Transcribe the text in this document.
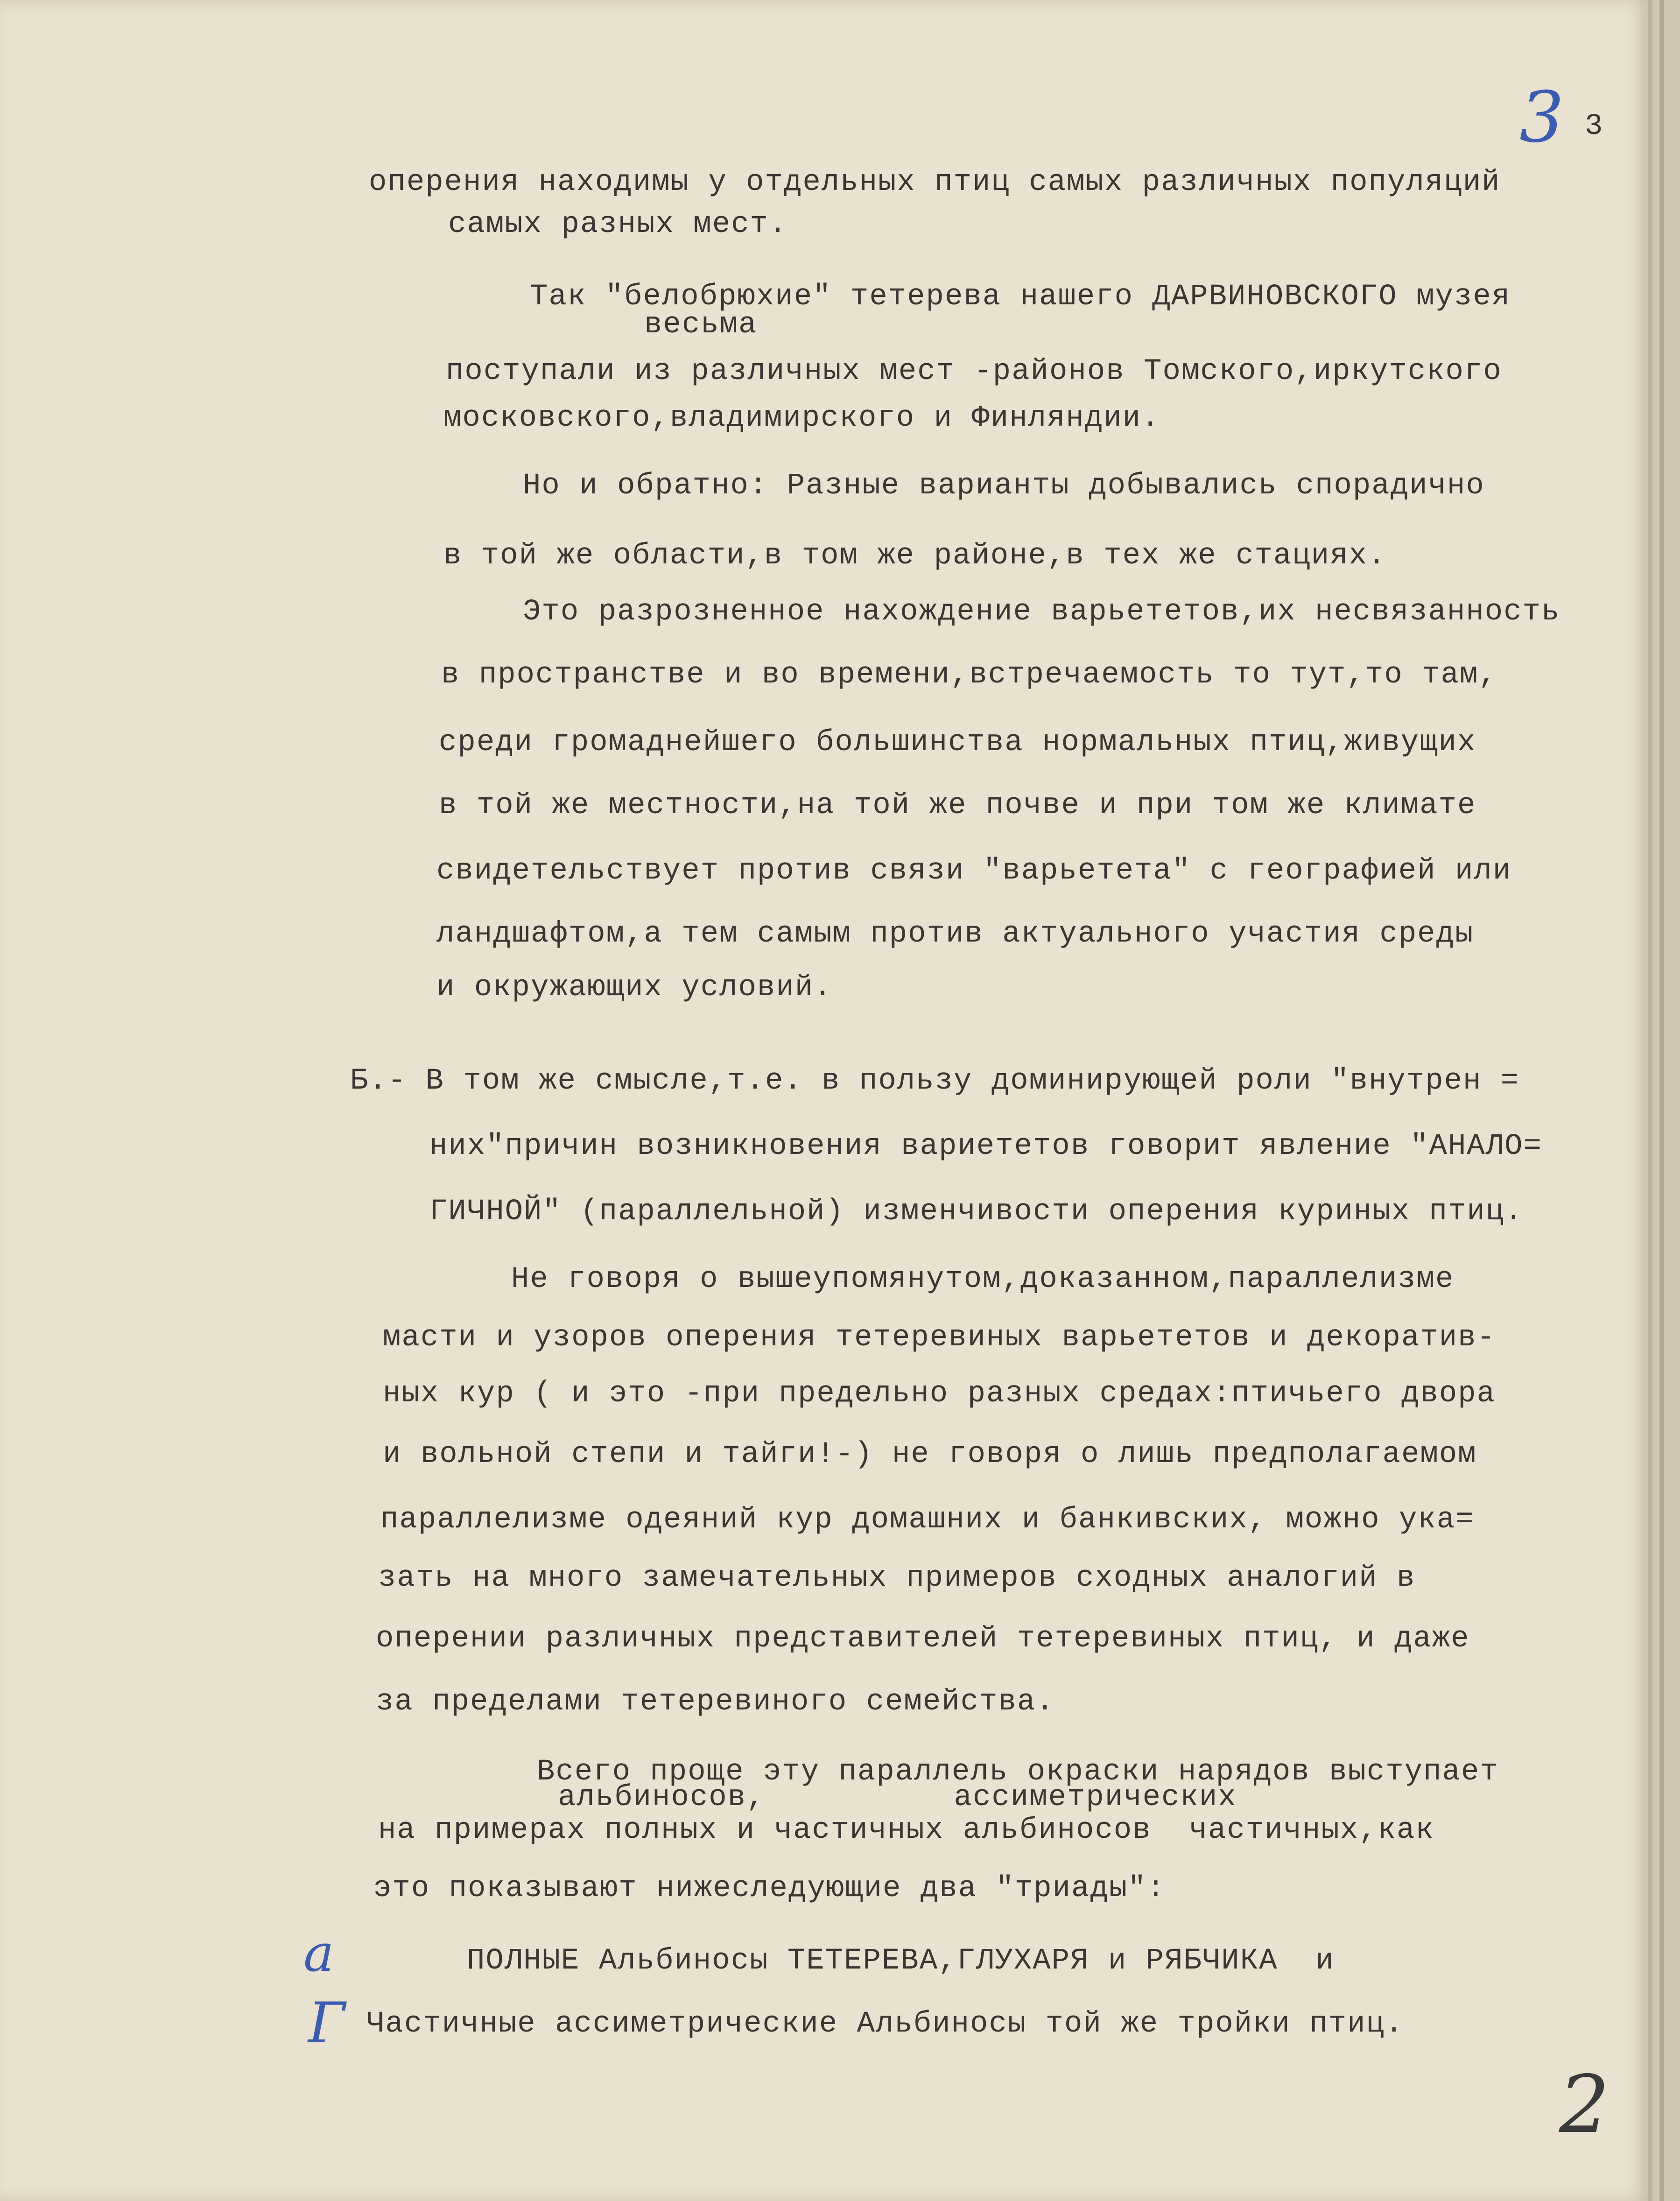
3 3
оперения находимы у отдельных птиц самых различных популяций
самых разных мест.
Так "белобрюхие" тетерева нашего ДАРВИНОВСКОГО музея
весьма
поступали из различных мест -районов Томского,иркутского
московского,владимирского и Финляндии.
Но и обратно: Разные варианты добывались спорадично
в той же области,в том же районе,в тех же стациях.
Это разрозненное нахождение варьететов,их несвязанность
в пространстве и во времени,встречаемость то тут,то там,
среди громаднейшего большинства нормальных птиц,живущих
в той же местности,на той же почве и при том же климате
свидетельствует против связи "варьетета" с географией или
ландшафтом,а тем самым против актуального участия среды
и окружающих условий.
Б.- В том же смысле,т.е. в пользу доминирующей роли "внутрен =
них"причин возникновения вариететов говорит явление "АНАЛО=
ГИЧНОЙ" (параллельной) изменчивости оперения куриных птиц.
Не говоря о вышеупомянутом,доказанном,параллелизме
масти и узоров оперения тетеревиных варьететов и декоратив-
ных кур ( и это -при предельно разных средах:птичьего двора
и вольной степи и тайги!-) не говоря о лишь предполагаемом
параллелизме одеяний кур домашних и банкивских, можно ука=
зать на много замечательных примеров сходных аналогий в
оперении различных представителей тетеревиных птиц, и даже
за пределами тетеревиного семейства.
Всего проще эту параллель окраски нарядов выступает
альбиносов,          ассиметрических
на примерах полных и частичных альбиносов  частичных,как
это показывают нижеследующие два "триады":
а	ПОЛНЫЕ Альбиносы ТЕТЕРЕВА,ГЛУХАРЯ и РЯБЧИКА  и
Г Частичные ассиметрические Альбиносы той же тройки птиц.
2
